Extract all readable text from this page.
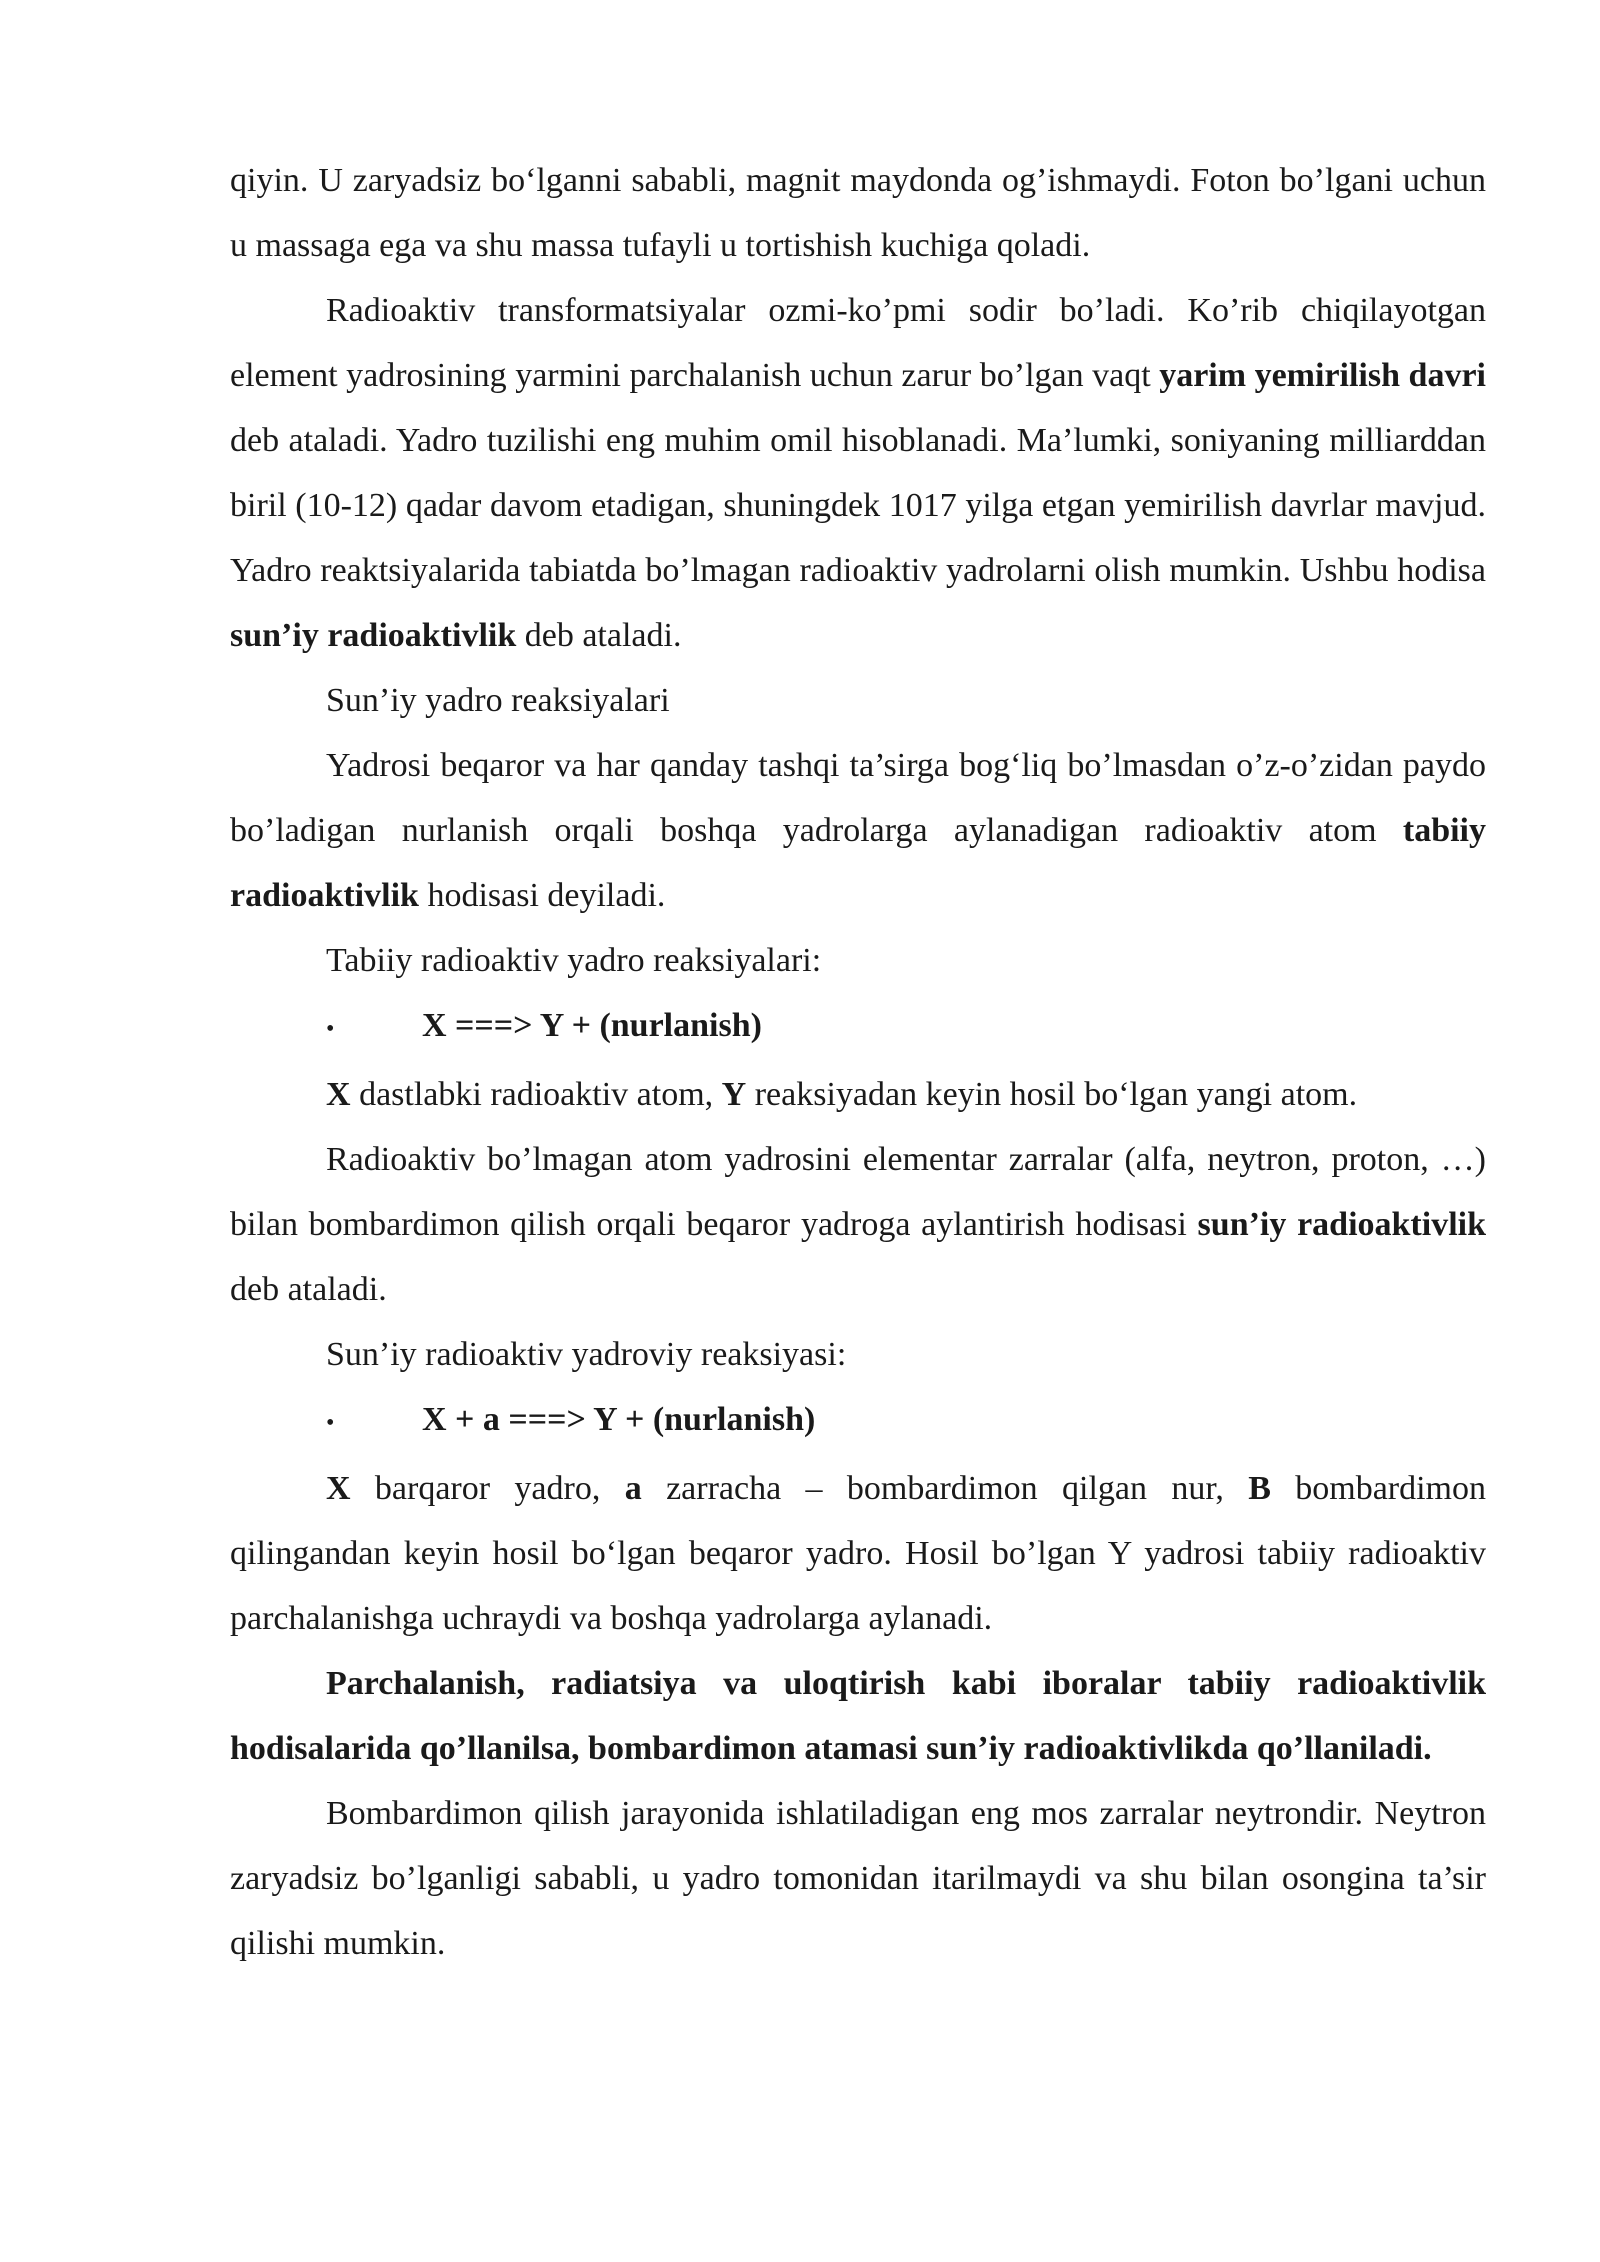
qiyin. U zaryadsiz bo‘lganni sababli, magnit maydonda og’ishmaydi. Foton bo’lgani uchun u massaga ega va shu massa tufayli u tortishish kuchiga qoladi.

Radioaktiv transformatsiyalar ozmi-ko’pmi sodir bo’ladi. Ko’rib chiqilayotgan element yadrosining yarmini parchalanish uchun zarur bo’lgan vaqt yarim yemirilish davri deb ataladi. Yadro tuzilishi eng muhim omil hisoblanadi. Ma’lumki, soniyaning milliarddan biril (10-12) qadar davom etadigan, shuningdek 1017 yilga etgan yemirilish davrlar mavjud. Yadro reaktsiyalarida tabiatda bo’lmagan radioaktiv yadrolarni olish mumkin. Ushbu hodisa sun’iy radioaktivlik deb ataladi.

Sun’iy yadro reaksiyalari

Yadrosi beqaror va har qanday tashqi ta’sirga bog‘liq bo’lmasdan o’z-o’zidan paydo bo’ladigan nurlanish orqali boshqa yadrolarga aylanadigan radioaktiv atom tabiiy radioaktivlik hodisasi deyiladi.

Tabiiy radioaktiv yadro reaksiyalari:

•	X ===> Y + (nurlanish)

X dastlabki radioaktiv atom, Y reaksiyadan keyin hosil bo‘lgan yangi atom.

Radioaktiv bo’lmagan atom yadrosini elementar zarralar (alfa, neytron, proton, …) bilan bombardimon qilish orqali beqaror yadroga aylantirish hodisasi sun’iy radioaktivlik deb ataladi.

Sun’iy radioaktiv yadroviy reaksiyasi:

•	X + a ===> Y + (nurlanish)

X barqaror yadro, a zarracha – bombardimon qilgan nur, B bombardimon qilingandan keyin hosil bo‘lgan beqaror yadro. Hosil bo’lgan Y yadrosi tabiiy radioaktiv parchalanishga uchraydi va boshqa yadrolarga aylanadi.

Parchalanish, radiatsiya va uloqtirish kabi iboralar tabiiy radioaktivlik hodisalarida qo’llanilsa, bombardimon atamasi sun’iy radioaktivlikda qo’llaniladi.

Bombardimon qilish jarayonida ishlatiladigan eng mos zarralar neytrondir. Neytron zaryadsiz bo’lganligi sababli, u yadro tomonidan itarilmaydi va shu bilan osongina ta’sir qilishi mumkin.
